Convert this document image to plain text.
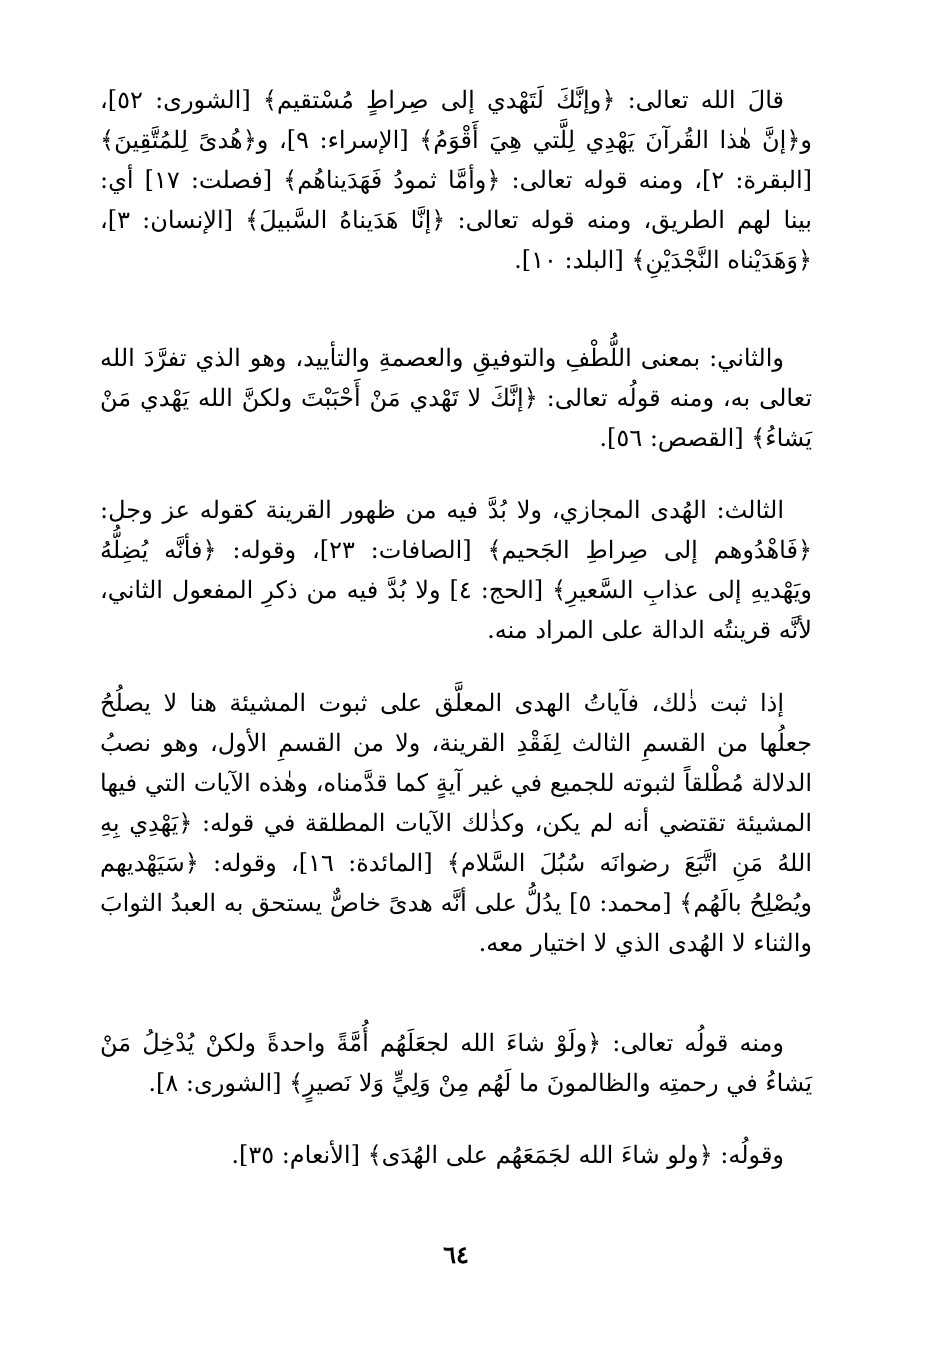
قالَ الله تعالى: ﴿وإنَّكَ لَتَهْدي إلى صِراطٍ مُسْتقيم﴾ [الشورى: ٥٢]، و﴿إنَّ هٰذا القُرآنَ يَهْدِي لِلَّتي هِيَ أَقْوَمُ﴾ [الإسراء: ٩]، و﴿هُدىً لِلمُتَّقِينَ﴾ [البقرة: ٢]، ومنه قوله تعالى: ﴿وأمَّا ثمودُ فَهَدَيناهُم﴾ [فصلت: ١٧] أي: بينا لهم الطريق، ومنه قوله تعالى: ﴿إنَّا هَدَيناهُ السَّبيلَ﴾ [الإنسان: ٣]، ﴿وَهَدَيْناه النَّجْدَيْنِ﴾ [البلد: ١٠].

والثاني: بمعنى اللُّطْفِ والتوفيقِ والعصمةِ والتأييد، وهو الذي تفرَّدَ الله تعالى به، ومنه قولُه تعالى: ﴿إنَّكَ لا تَهْدي مَنْ أَحْبَبْتَ ولكنَّ الله يَهْدي مَنْ يَشاءُ﴾ [القصص: ٥٦].

الثالث: الهُدى المجازي، ولا بُدَّ فيه من ظهور القرينة كقوله عز وجل: ﴿فَاهْدُوهم إلى صِراطِ الجَحيم﴾ [الصافات: ٢٣]، وقوله: ﴿فأنَّه يُضِلُّهُ ويَهْديهِ إلى عذابِ السَّعيرِ﴾ [الحج: ٤] ولا بُدَّ فيه من ذكرِ المفعول الثاني، لأنَّه قرينتُه الدالة على المراد منه.

إذا ثبت ذٰلك، فآياتُ الهدى المعلَّق على ثبوت المشيئة هنا لا يصلُحُ جعلُها من القسمِ الثالث لِفَقْدِ القرينة، ولا من القسمِ الأول، وهو نصبُ الدلالة مُطْلقاً لثبوته للجميع في غير آيةٍ كما قدَّمناه، وهٰذه الآيات التي فيها المشيئة تقتضي أنه لم يكن، وكذٰلك الآيات المطلقة في قوله: ﴿يَهْدِي بِهِ اللهُ مَنِ اتَّبَعَ رضوانَه سُبُلَ السَّلام﴾ [المائدة: ١٦]، وقوله: ﴿سَيَهْديهم ويُصْلِحُ بالَهُم﴾ [محمد: ٥] يدُلُّ على أنَّه هدىً خاصٌّ يستحق به العبدُ الثوابَ والثناء لا الهُدى الذي لا اختيار معه.

ومنه قولُه تعالى: ﴿ولَوْ شاءَ الله لجعَلَهُم أُمَّةً واحدةً ولكنْ يُدْخِلُ مَنْ يَشاءُ في رحمتِه والظالمونَ ما لَهُم مِنْ وَلِيٍّ وَلا نَصيرٍ﴾ [الشورى: ٨].

وقولُه: ﴿ولو شاءَ الله لجَمَعَهُم على الهُدَى﴾ [الأنعام: ٣٥].

٦٤
